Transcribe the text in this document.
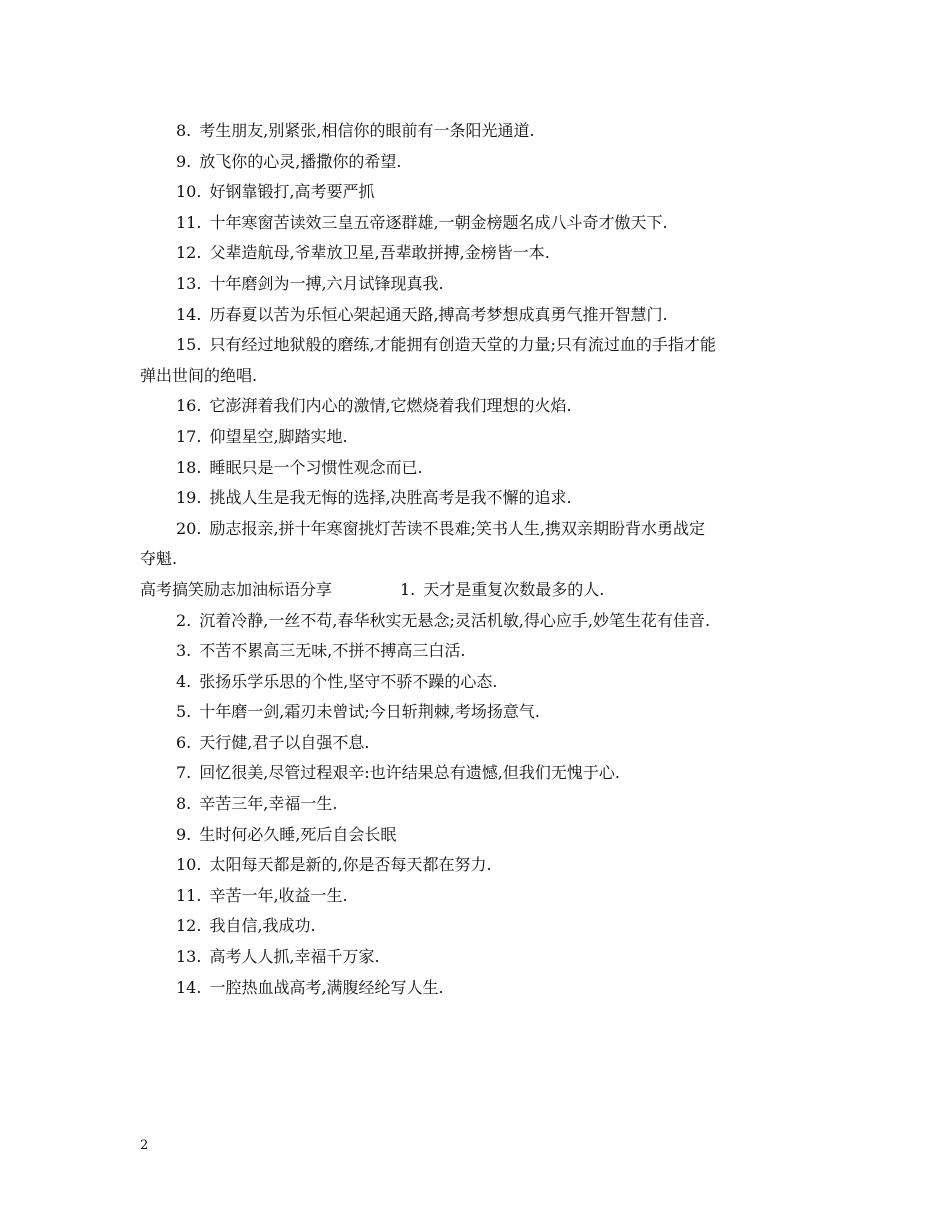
8. 考生朋友,别紧张,相信你的眼前有一条阳光通道.
9. 放飞你的心灵,播撒你的希望.
10. 好钢靠锻打,高考要严抓
11. 十年寒窗苦读效三皇五帝逐群雄,一朝金榜题名成八斗奇才傲天下.
12. 父辈造航母,爷辈放卫星,吾辈敢拼搏,金榜皆一本.
13. 十年磨剑为一搏,六月试锋现真我.
14. 历春夏以苦为乐恒心架起通天路,搏高考梦想成真勇气推开智慧门.
15. 只有经过地狱般的磨练,才能拥有创造天堂的力量;只有流过血的手指才能
弹出世间的绝唱.
16. 它澎湃着我们内心的激情,它燃烧着我们理想的火焰.
17. 仰望星空,脚踏实地.
18. 睡眠只是一个习惯性观念而已.
19. 挑战人生是我无悔的选择,决胜高考是我不懈的追求.
20. 励志报亲,拼十年寒窗挑灯苦读不畏难;笑书人生,携双亲期盼背水勇战定
夺魁.
高考搞笑励志加油标语分享	1. 天才是重复次数最多的人.
2. 沉着冷静,一丝不苟,春华秋实无悬念;灵活机敏,得心应手,妙笔生花有佳音.
3. 不苦不累高三无味,不拼不搏高三白活.
4. 张扬乐学乐思的个性,坚守不骄不躁的心态.
5. 十年磨一剑,霜刃未曾试;今日斩荆棘,考场扬意气.
6. 天行健,君子以自强不息.
7. 回忆很美,尽管过程艰辛:也许结果总有遗憾,但我们无愧于心.
8. 辛苦三年,幸福一生.
9. 生时何必久睡,死后自会长眠
10. 太阳每天都是新的,你是否每天都在努力.
11. 辛苦一年,收益一生.
12. 我自信,我成功.
13. 高考人人抓,幸福千万家.
14. 一腔热血战高考,满腹经纶写人生.
2
